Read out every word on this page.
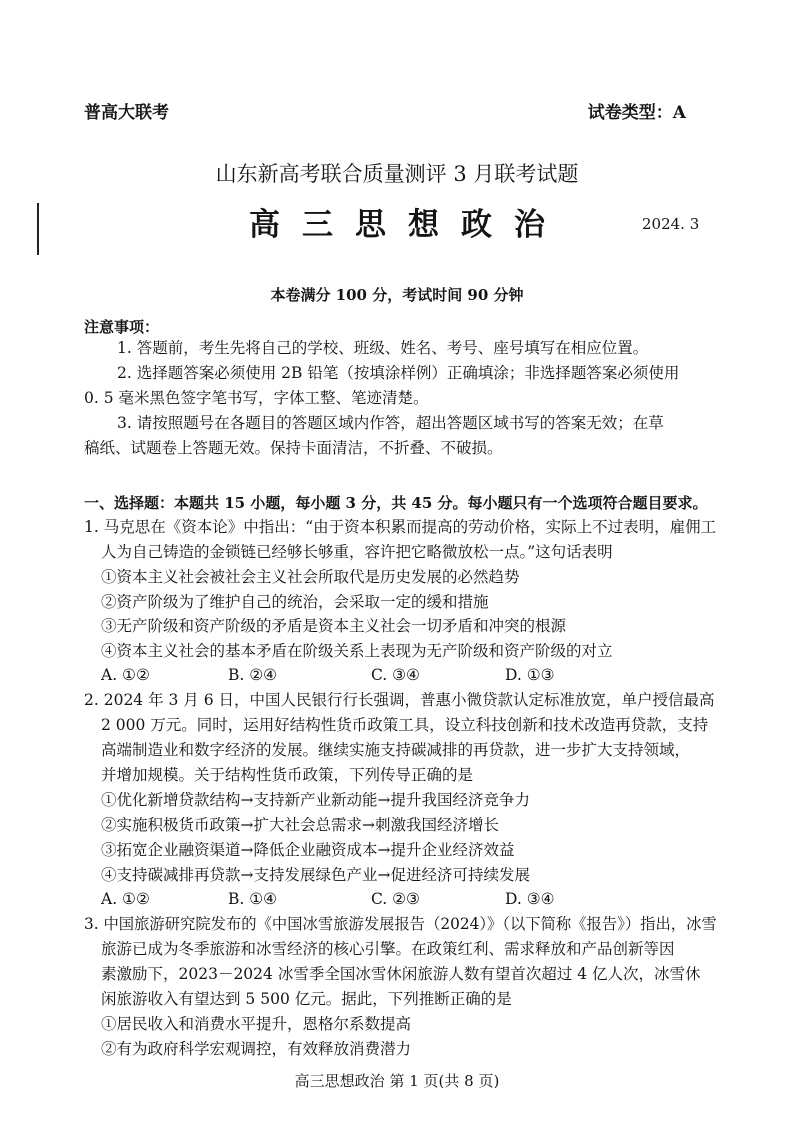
普高大联考	试卷类型：A
山东新高考联合质量测评 3 月联考试题
高三思想政治	2024. 3
本卷满分 100 分，考试时间 90 分钟
注意事项：
1. 答题前，考生先将自己的学校、班级、姓名、考号、座号填写在相应位置。
2. 选择题答案必须使用 2B 铅笔（按填涂样例）正确填涂；非选择题答案必须使用
0. 5 毫米黑色签字笔书写，字体工整、笔迹清楚。
3. 请按照题号在各题目的答题区域内作答，超出答题区域书写的答案无效；在草
稿纸、试题卷上答题无效。保持卡面清洁，不折叠、不破损。
一、选择题：本题共 15 小题，每小题 3 分，共 45 分。每小题只有一个选项符合题目要求。
1. 马克思在《资本论》中指出：“由于资本积累而提高的劳动价格，实际上不过表明，雇佣工
人为自己铸造的金锁链已经够长够重，容许把它略微放松一点。”这句话表明
①资本主义社会被社会主义社会所取代是历史发展的必然趋势
②资产阶级为了维护自己的统治，会采取一定的缓和措施
③无产阶级和资产阶级的矛盾是资本主义社会一切矛盾和冲突的根源
④资本主义社会的基本矛盾在阶级关系上表现为无产阶级和资产阶级的对立
A. ①②	B. ②④	C. ③④	D. ①③
2. 2024 年 3 月 6 日，中国人民银行行长强调，普惠小微贷款认定标准放宽，单户授信最高
2 000 万元。同时，运用好结构性货币政策工具，设立科技创新和技术改造再贷款，支持
高端制造业和数字经济的发展。继续实施支持碳减排的再贷款，进一步扩大支持领域，
并增加规模。关于结构性货币政策，下列传导正确的是
①优化新增贷款结构→支持新产业新动能→提升我国经济竞争力
②实施积极货币政策→扩大社会总需求→刺激我国经济增长
③拓宽企业融资渠道→降低企业融资成本→提升企业经济效益
④支持碳减排再贷款→支持发展绿色产业→促进经济可持续发展
A. ①②	B. ①④	C. ②③	D. ③④
3. 中国旅游研究院发布的《中国冰雪旅游发展报告（2024）》（以下简称《报告》）指出，冰雪
旅游已成为冬季旅游和冰雪经济的核心引擎。在政策红利、需求释放和产品创新等因
素激励下，2023－2024 冰雪季全国冰雪休闲旅游人数有望首次超过 4 亿人次，冰雪休
闲旅游收入有望达到 5 500 亿元。据此，下列推断正确的是
①居民收入和消费水平提升，恩格尔系数提高
②有为政府科学宏观调控，有效释放消费潜力
高三思想政治 第 1 页(共 8 页)
